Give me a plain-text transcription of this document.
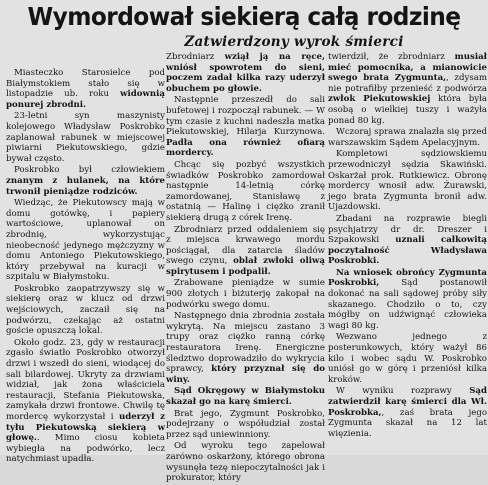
Wymordował siekierą całą rodzinę
Zatwierdzony wyrok śmierci

Miasteczko Starosielce pod Białymstokiem stało się w listopadzie ub. roku widownią ponurej zbrodni.

23-letni syn maszynisty kolejowego Władysław Poskrobko zaplanował rabunek w miejscowej piwiarni Piekutowskiego, gdzie bywał często.

Poskrobko był człowiekiem znanym z hulanek, na które trwonił pieniądze rodziców.

Wiedząc, że Piekutowscy mają w domu gotówkę, i papiery wartościowe, uplanował on zbrodnię, wykorzystując nieobecność jedynego mężczyzny w domu Antoniego Piekutowskiego, który przebywał na kuracji w szpitalu w Białymstoku.

Poskrobko zaopatrzywszy się w siekierę oraz w klucz od drzwi wejściowych, zaczaił się na podwórzu, czekając aż ostatni goście opuszczą lokal.

Około godz. 23, gdy w restauracji zgasło światło Poskrobko otworzył drzwi i wszedł do sieni, wiodącej do sali bilardowej. Ukryty za drzwiami widział, jak żona właściciela restauracji, Stefania Piekutowska, zamykała drzwi frontowe. Chwilę tę mordercę wykorzystał i uderzył z tyłu Piekutowską siekierą w głowę.. Mimo ciosu kobieta wybiegła na podwórko, lecz natychmiast upadła.

Zbrodniarz wziął ją na ręce, wniósł spowrotem do sieni, poczem zadał kilka razy uderzył obuchem po głowie.

Następnie przeszedł do sali bufetowej i rozpoczął rabunek. — W tym czasie z kuchni nadeszła matka Piekutowskiej, Hilarja Kurzynowa. Padła ona również ofiarą mordercy.

Chcąc się pozbyć wszystkich świadków Poskrobko zamordował następnie 14-letnią córkę zamordowanej, Stanisławę z ostatnią — Halinę i ciężko zranił siekierą drugą z córek Irenę.

Zbrodniarz przed oddaleniem się z miejsca krwawego mordu pościągał, dla zatarcia śladów swego czynu, oblał zwłoki oliwą spirytusem i podpalił.

Zrabowane pieniądze w sumie 900 złotych i biżuterję zakopał na podwórku swego domu.

Następnego dnia zbrodnia została wykrytą. Na miejscu zastano 3 trupy oraz ciężko ranną córkę restauratora Irenę. Energiczne śledztwo doprowadziło do wykrycia sprawcy, który przyznał się do winy.

Sąd Okręgowy w Białymstoku skazał go na karę śmierci.

Brat jego, Zygmunt Poskrobko, podejrzany o współudział został przez sąd uniewinniony.

Od wyroku tego zapelował zarówno oskarżony, którego obrona wysunęła tezę niepoczytalności jak i prokurator, który

twierdził, że zbrodniarz musiał mieć pomocnika, a mianowicie swego brata Zygmunta,, zdysam nie potrafiłby przenieść z podwórza zwłok Piekutowskiej która była osobą o wielkiej tuszy i ważyła ponad 80 kg.

Wczoraj sprawa znalazła się przed warszawskim Sądem Apelacyjnym.

Kompletowi sędziowskiemu przewodniczył sędzia Skawiński. Oskarżał prok. Rutkiewicz. Obronę mordercy wnosił adw. Żurawski, jego brata Zygmunta bronił adw. Ujazdowski.

Zbadani na rozprawie biegli psychjatrzy dr dr. Dreszer i Szpakowski uznali całkowitą poczytalność Władysława Poskrobki.

Na wniosek obrońcy Zygmunta Poskrobki, Sąd postanowił dokonać na sali sądowej próby siły skazanego. Chodziło o to, czy mógłby on udźwignąć człowieka wagi 80 kg.

Wezwano jednego z posterunkowych, który ważył 86 kilo i wobec sądu W. Poskrobko uniósł go w górę i przeniósł kilka kroków.

W wyniku rozprawy Sąd zatwierdził karę śmierci dla Wł. Poskrobka,, zaś brata jego Zygmunta skazał na 12 lat więzienia.
